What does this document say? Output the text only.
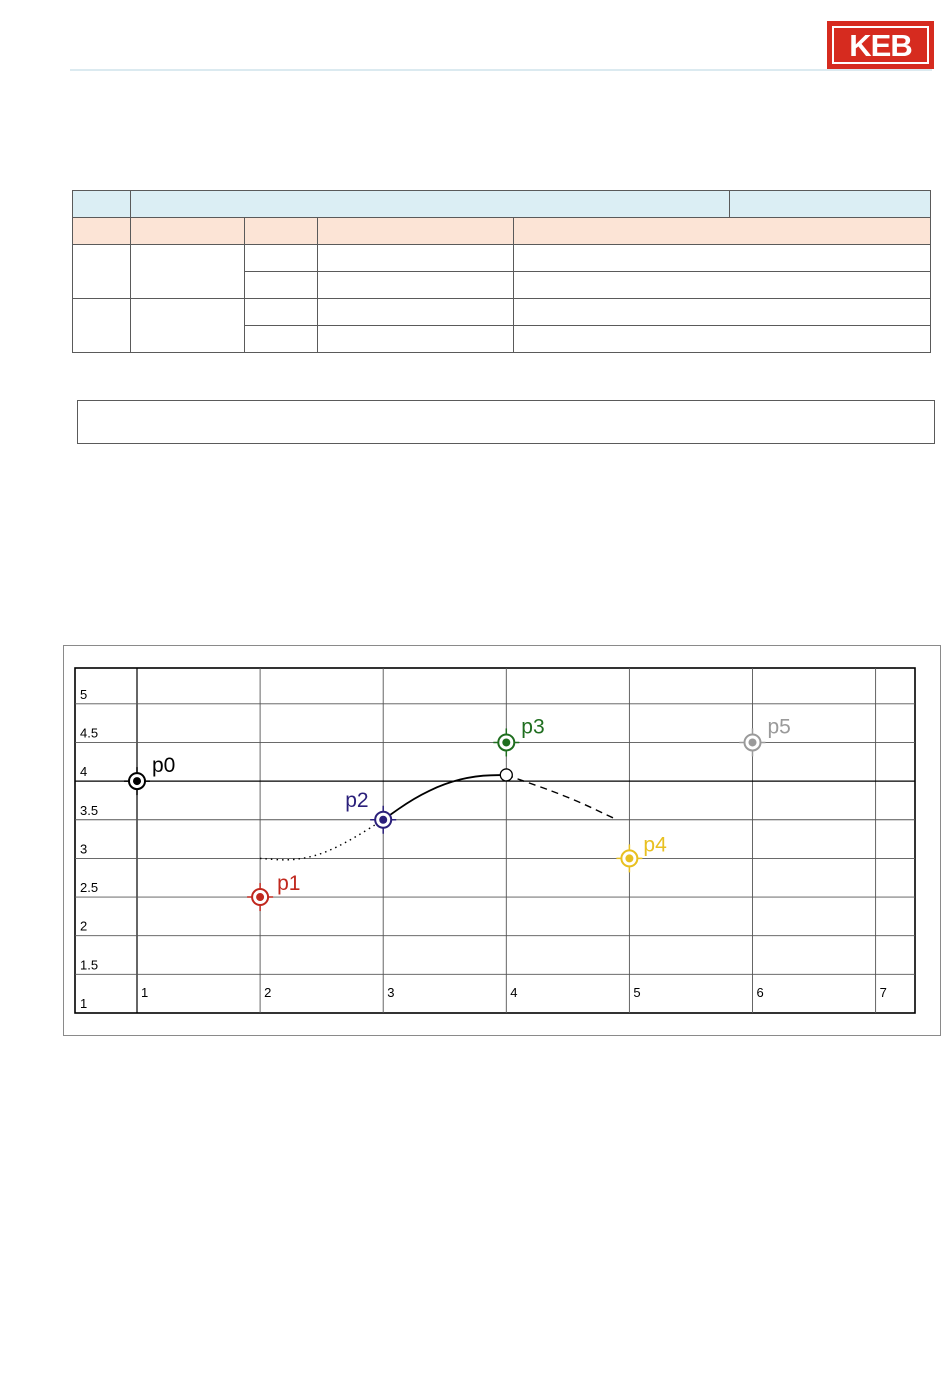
KEB

1	2	3	4	5	6	7
1
1.5
2
2.5
3
3.5
4
4.5
5
p0
p1
p2
p3
p4
p5
